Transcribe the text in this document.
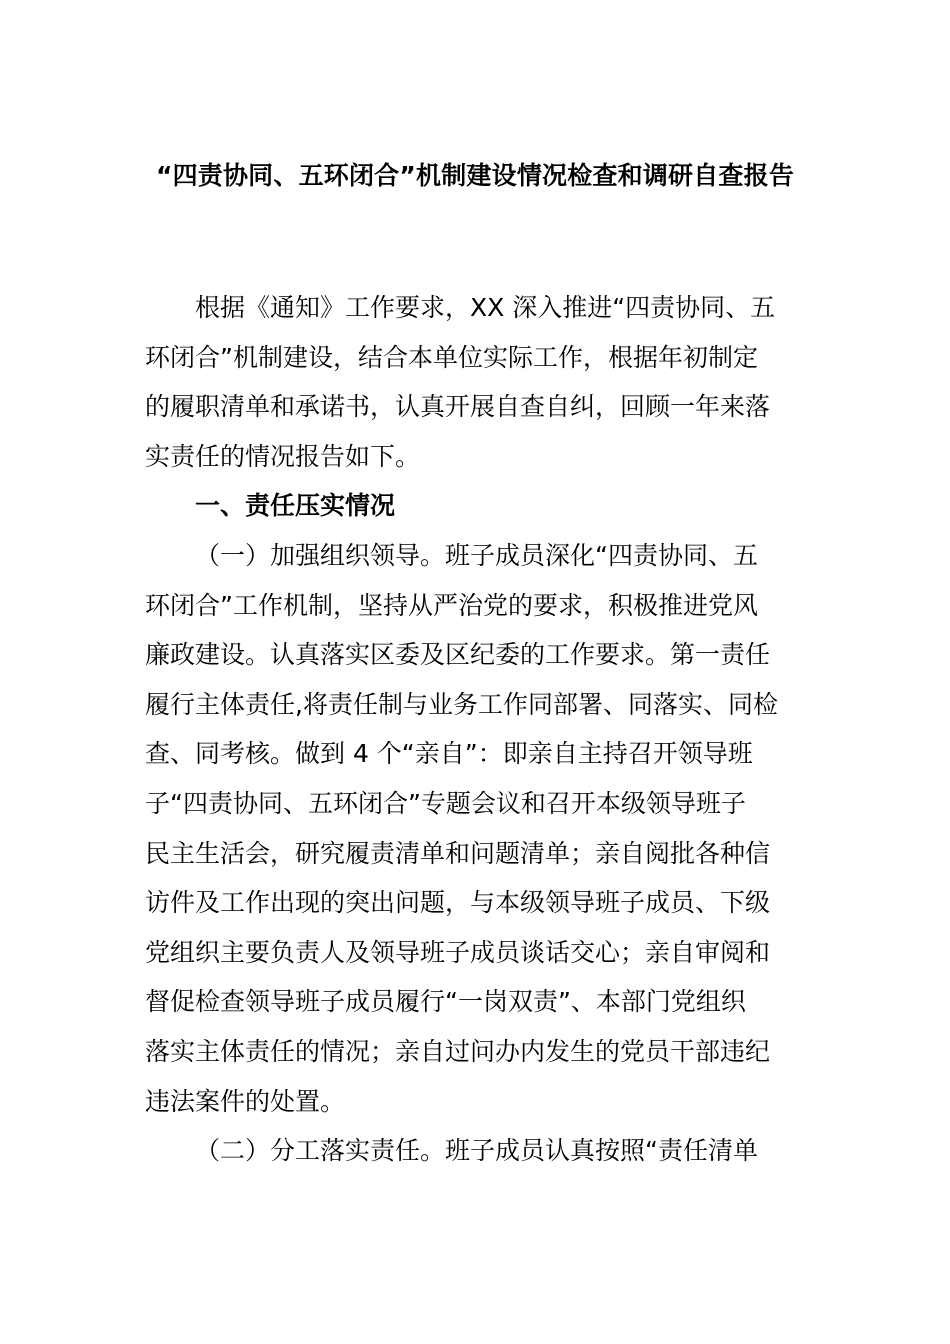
“四责协同、五环闭合”机制建设情况检查和调研自查报告
根据《通知》工作要求，XX 深入推进“四责协同、五
环闭合”机制建设，结合本单位实际工作，根据年初制定
的履职清单和承诺书，认真开展自查自纠，回顾一年来落
实责任的情况报告如下。
一、责任压实情况
（一）加强组织领导。班子成员深化“四责协同、五
环闭合”工作机制，坚持从严治党的要求，积极推进党风
廉政建设。认真落实区委及区纪委的工作要求。第一责任
履行主体责任,将责任制与业务工作同部署、同落实、同检
查、同考核。做到 4 个“亲自”：即亲自主持召开领导班
子“四责协同、五环闭合”专题会议和召开本级领导班子
民主生活会，研究履责清单和问题清单；亲自阅批各种信
访件及工作出现的突出问题，与本级领导班子成员、下级
党组织主要负责人及领导班子成员谈话交心；亲自审阅和
督促检查领导班子成员履行“一岗双责”、本部门党组织
落实主体责任的情况；亲自过问办内发生的党员干部违纪
违法案件的处置。
（二）分工落实责任。班子成员认真按照“责任清单
